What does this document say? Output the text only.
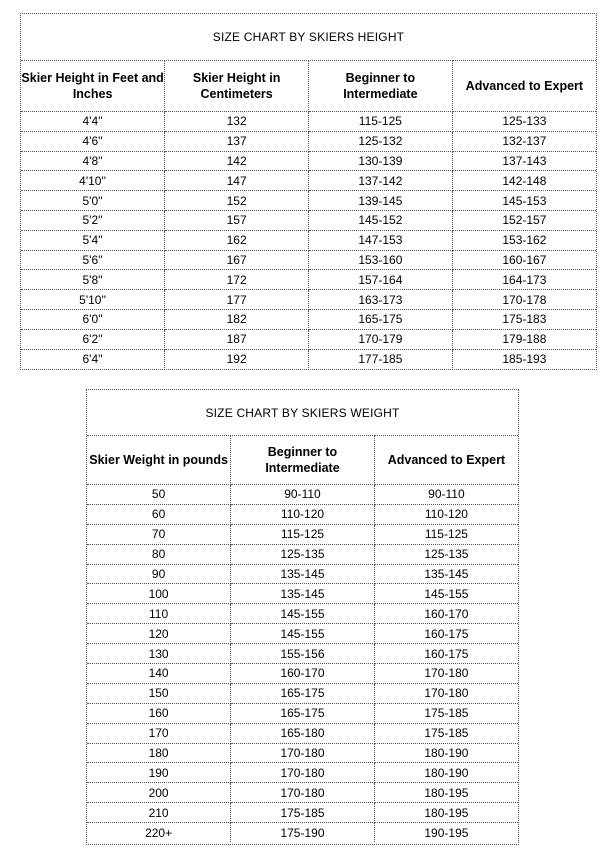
SIZE CHART BY SKIERS HEIGHT			
Skier Height in Feet and Inches	Skier Height in Centimeters	Beginner to Intermediate	Advanced to Expert
4'4''	132	115-125	125-133
4'6''	137	125-132	132-137
4'8''	142	130-139	137-143
4'10''	147	137-142	142-148
5'0''	152	139-145	145-153
5'2''	157	145-152	152-157
5'4''	162	147-153	153-162
5'6''	167	153-160	160-167
5'8''	172	157-164	164-173
5'10''	177	163-173	170-178
6'0''	182	165-175	175-183
6'2''	187	170-179	179-188
6'4''	192	177-185	185-193
SIZE CHART BY SKIERS WEIGHT		
Skier Weight in pounds	Beginner to Intermediate	Advanced to Expert
50	90-110	90-110
60	110-120	110-120
70	115-125	115-125
80	125-135	125-135
90	135-145	135-145
100	135-145	145-155
110	145-155	160-170
120	145-155	160-175
130	155-156	160-175
140	160-170	170-180
150	165-175	170-180
160	165-175	175-185
170	165-180	175-185
180	170-180	180-190
190	170-180	180-190
200	170-180	180-195
210	175-185	180-195
220+	175-190	190-195
